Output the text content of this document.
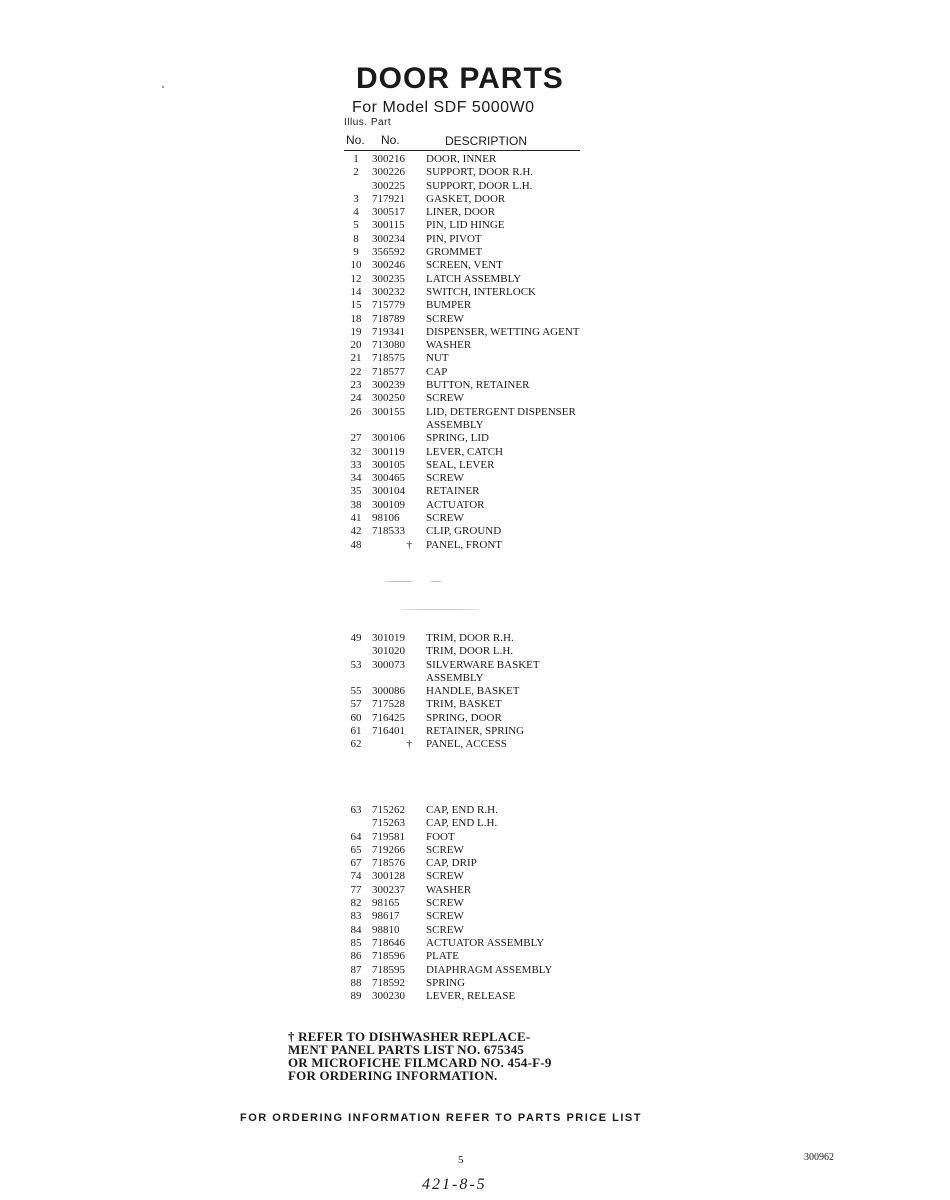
DOOR PARTS
For Model SDF 5000W0
Illus. Part
No. No.	DESCRIPTION
1	300216	DOOR, INNER
2	300226	SUPPORT, DOOR R.H.
300225	SUPPORT, DOOR L.H.
3	717921	GASKET, DOOR
4	300517	LINER, DOOR
5	300115	PIN, LID HINGE
8	300234	PIN, PIVOT
9	356592	GROMMET
10 300246	SCREEN, VENT
12 300235	LATCH ASSEMBLY
14 300232	SWITCH, INTERLOCK
15 715779	BUMPER
18 718789	SCREW
19 719341	DISPENSER, WETTING AGENT
20 713080	WASHER
21 718575	NUT
22 718577	CAP
23 300239	BUTTON, RETAINER
24 300250	SCREW
26 300155	LID, DETERGENT DISPENSER ASSEMBLY
27 300106	SPRING, LID
32 300119	LEVER, CATCH
33 300105	SEAL, LEVER
34 300465	SCREW
35 300104	RETAINER
38 300109	ACTUATOR
41 98106	SCREW
42 718533	CLIP, GROUND
48	†	PANEL, FRONT
49 301019	TRIM, DOOR R.H.
301020	TRIM, DOOR L.H.
53 300073	SILVERWARE BASKET ASSEMBLY
55 300086	HANDLE, BASKET
57 717528	TRIM, BASKET
60 716425	SPRING, DOOR
61 716401	RETAINER, SPRING
62	†	PANEL, ACCESS
63 715262	CAP, END R.H.
715263	CAP, END L.H.
64 719581	FOOT
65 719266	SCREW
67 718576	CAP, DRIP
74 300128	SCREW
77 300237	WASHER
82 98165	SCREW
83 98617	SCREW
84 98810	SCREW
85 718646	ACTUATOR ASSEMBLY
86 718596	PLATE
87 718595	DIAPHRAGM ASSEMBLY
88 718592	SPRING
89 300230	LEVER, RELEASE
† REFER TO DISHWASHER REPLACE-
MENT PANEL PARTS LIST NO. 675345
OR MICROFICHE FILMCARD NO. 454-F-9
FOR ORDERING INFORMATION.
FOR ORDERING INFORMATION REFER TO PARTS PRICE LIST
5	300962
421-8-5
